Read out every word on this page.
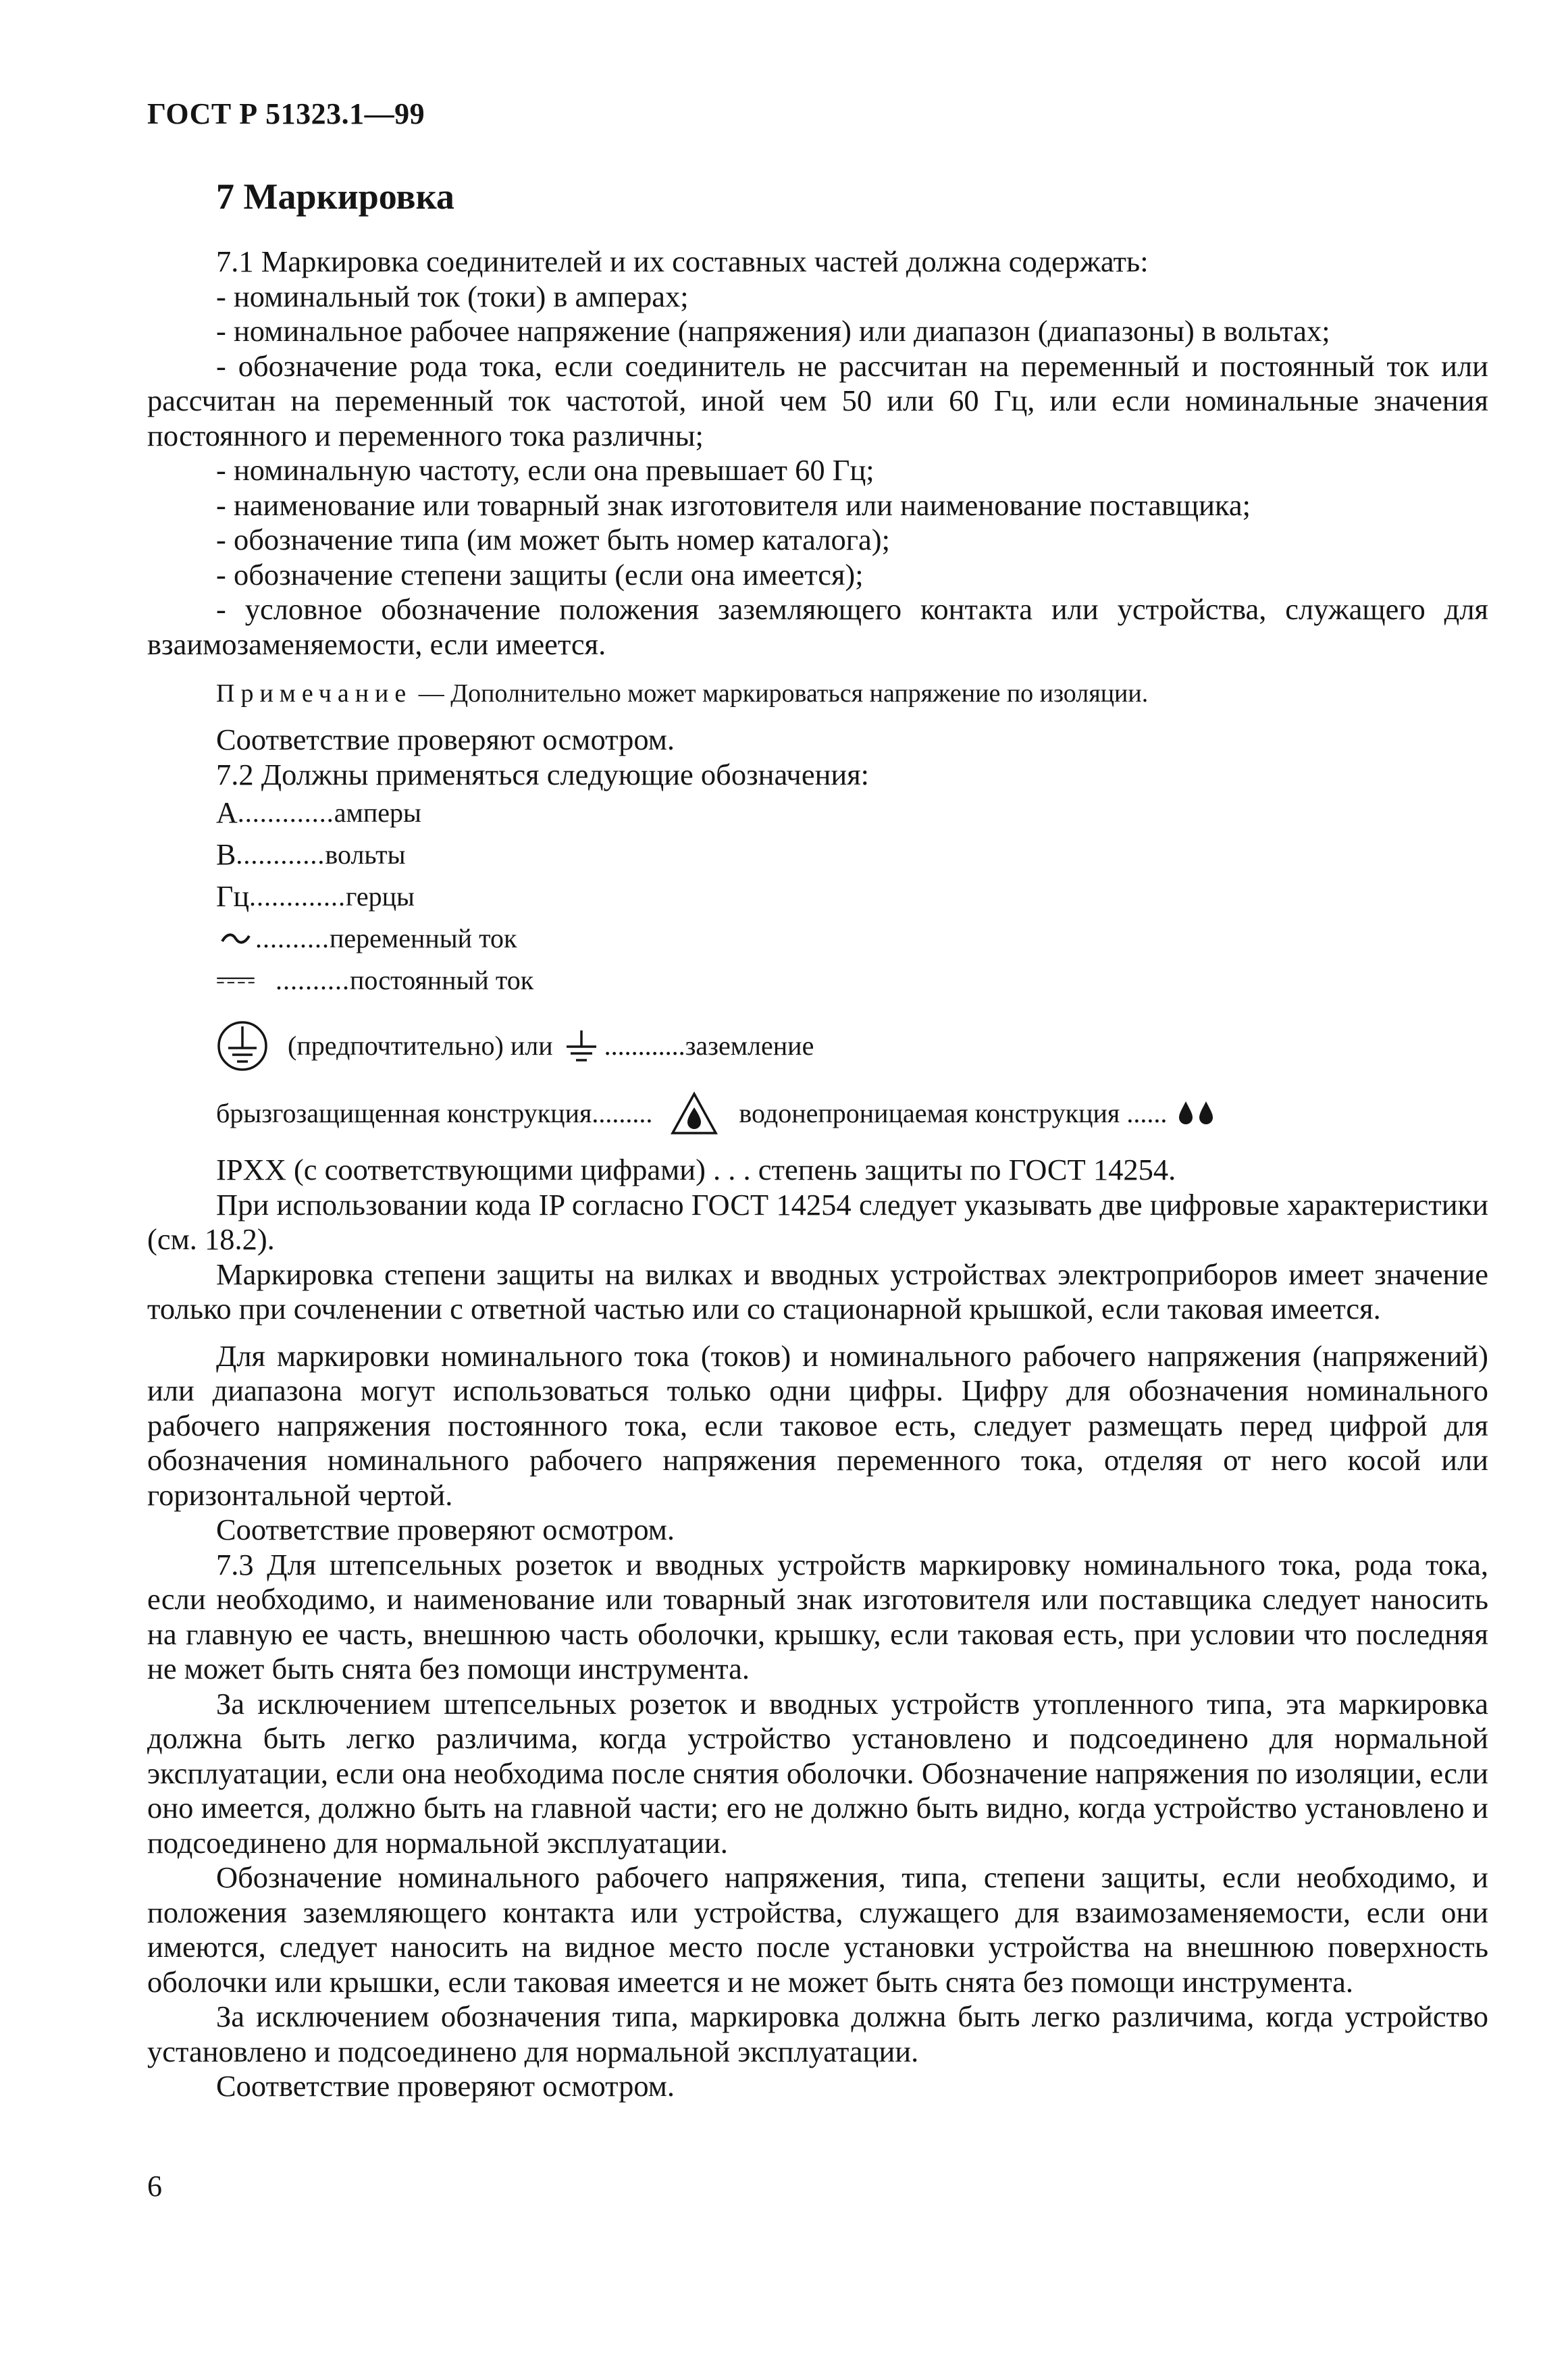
ГОСТ Р 51323.1—99
7 Маркировка

7.1 Маркировка соединителей и их составных частей должна содержать:

- номинальный ток (токи) в амперах;

- номинальное рабочее напряжение (напряжения) или диапазон (диапазоны) в вольтах;

- обозначение рода тока, если соединитель не рассчитан на переменный и постоянный ток или рассчитан на переменный ток частотой, иной чем 50 или 60 Гц, или если номинальные значения постоянного и переменного тока различны;

- номинальную частоту, если она превышает 60 Гц;

- наименование или товарный знак изготовителя или наименование поставщика;

- обозначение типа (им может быть номер каталога);

- обозначение степени защиты (если она имеется);

- условное обозначение положения заземляющего контакта или устройства, служащего для взаимозаменяемости, если имеется.

Примечание — Дополнительно может маркироваться напряжение по изоляции.

Соответствие проверяют осмотром.

7.2 Должны применяться следующие обозначения:

А ............. амперы
В ............ вольты
Гц ............. герцы
.......... переменный ток
.......... постоянный ток
(предпочтительно) или ............ заземление
брызгозащищенная конструкция .........	водонепроницаемая конструкция ......

IPXX (с соответствующими цифрами) . . . степень защиты по ГОСТ 14254.

При использовании кода IP согласно ГОСТ 14254 следует указывать две цифровые характеристики (см. 18.2).

Маркировка степени защиты на вилках и вводных устройствах электроприборов имеет значение только при сочленении с ответной частью или со стационарной крышкой, если таковая имеется.

Для маркировки номинального тока (токов) и номинального рабочего напряжения (напряжений) или диапазона могут использоваться только одни цифры. Цифру для обозначения номинального рабочего напряжения постоянного тока, если таковое есть, следует размещать перед цифрой для обозначения номинального рабочего напряжения переменного тока, отделяя от него косой или горизонтальной чертой.

Соответствие проверяют осмотром.

7.3 Для штепсельных розеток и вводных устройств маркировку номинального тока, рода тока, если необходимо, и наименование или товарный знак изготовителя или поставщика следует наносить на главную ее часть, внешнюю часть оболочки, крышку, если таковая есть, при условии что последняя не может быть снята без помощи инструмента.

За исключением штепсельных розеток и вводных устройств утопленного типа, эта маркировка должна быть легко различима, когда устройство установлено и подсоединено для нормальной эксплуатации, если она необходима после снятия оболочки. Обозначение напряжения по изоляции, если оно имеется, должно быть на главной части; его не должно быть видно, когда устройство установлено и подсоединено для нормальной эксплуатации.

Обозначение номинального рабочего напряжения, типа, степени защиты, если необходимо, и положения заземляющего контакта или устройства, служащего для взаимозаменяемости, если они имеются, следует наносить на видное место после установки устройства на внешнюю поверхность оболочки или крышки, если таковая имеется и не может быть снята без помощи инструмента.

За исключением обозначения типа, маркировка должна быть легко различима, когда устройство установлено и подсоединено для нормальной эксплуатации.

Соответствие проверяют осмотром.

6
